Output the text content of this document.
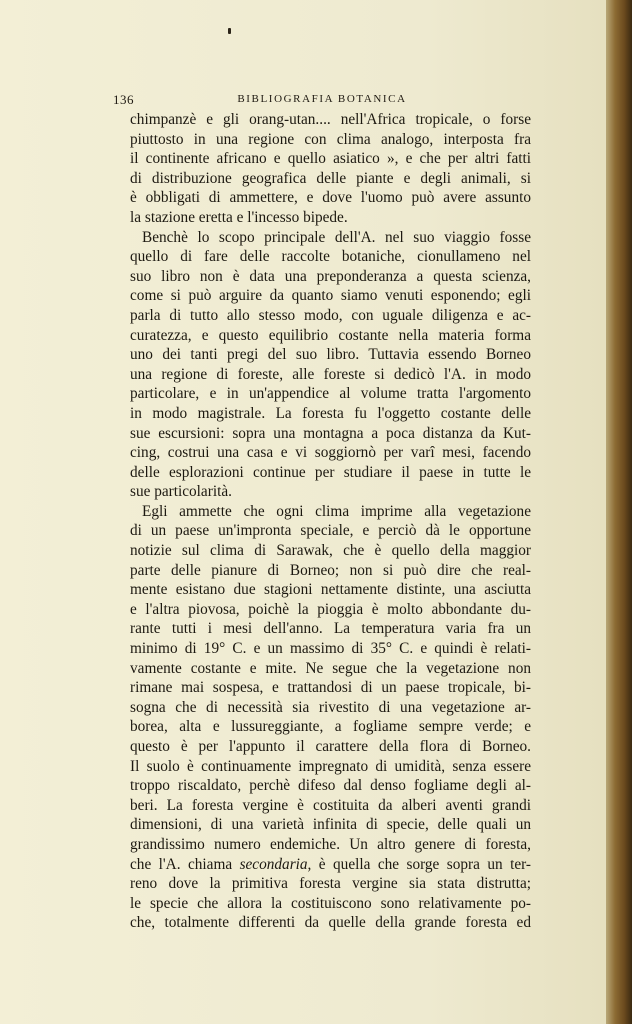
136	BIBLIOGRAFIA BOTANICA
chimpanzè e gli orang-utan.... nell'Africa tropicale, o forse
piuttosto in una regione con clima analogo, interposta fra
il continente africano e quello asiatico », e che per altri fatti
di distribuzione geografica delle piante e degli animali, si
è obbligati di ammettere, e dove l'uomo può avere assunto
la stazione eretta e l'incesso bipede.
Benchè lo scopo principale dell'A. nel suo viaggio fosse
quello di fare delle raccolte botaniche, cionullameno nel
suo libro non è data una preponderanza a questa scienza,
come si può arguire da quanto siamo venuti esponendo; egli
parla di tutto allo stesso modo, con uguale diligenza e ac-
curatezza, e questo equilibrio costante nella materia forma
uno dei tanti pregi del suo libro. Tuttavia essendo Borneo
una regione di foreste, alle foreste si dedicò l'A. in modo
particolare, e in un'appendice al volume tratta l'argomento
in modo magistrale. La foresta fu l'oggetto costante delle
sue escursioni: sopra una montagna a poca distanza da Kut-
cing, costrui una casa e vi soggiornò per varî mesi, facendo
delle esplorazioni continue per studiare il paese in tutte le
sue particolarità.
Egli ammette che ogni clima imprime alla vegetazione
di un paese un'impronta speciale, e perciò dà le opportune
notizie sul clima di Sarawak, che è quello della maggior
parte delle pianure di Borneo; non si può dire che real-
mente esistano due stagioni nettamente distinte, una asciutta
e l'altra piovosa, poichè la pioggia è molto abbondante du-
rante tutti i mesi dell'anno. La temperatura varia fra un
minimo di 19° C. e un massimo di 35° C. e quindi è relati-
vamente costante e mite. Ne segue che la vegetazione non
rimane mai sospesa, e trattandosi di un paese tropicale, bi-
sogna che di necessità sia rivestito di una vegetazione ar-
borea, alta e lussureggiante, a fogliame sempre verde; e
questo è per l'appunto il carattere della flora di Borneo.
Il suolo è continuamente impregnato di umidità, senza essere
troppo riscaldato, perchè difeso dal denso fogliame degli al-
beri. La foresta vergine è costituita da alberi aventi grandi
dimensioni, di una varietà infinita di specie, delle quali un
grandissimo numero endemiche. Un altro genere di foresta,
che l'A. chiama secondaria, è quella che sorge sopra un ter-
reno dove la primitiva foresta vergine sia stata distrutta;
le specie che allora la costituiscono sono relativamente po-
che, totalmente differenti da quelle della grande foresta ed
